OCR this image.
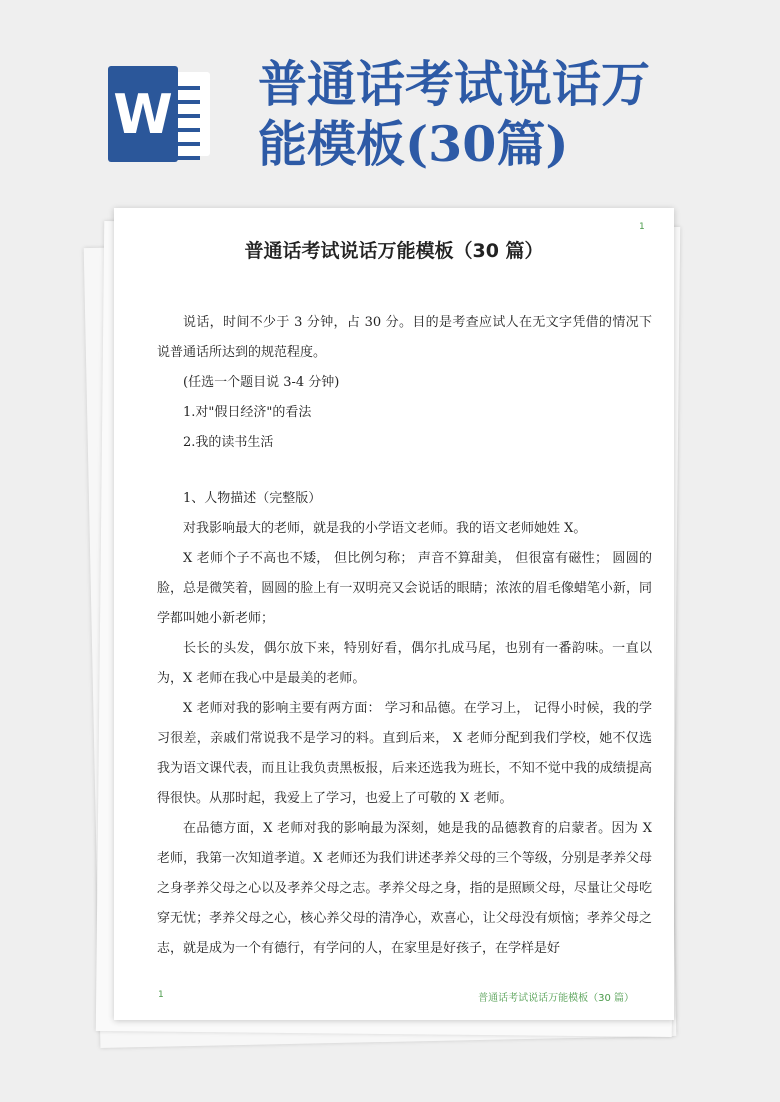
W 普通话考试说话万能模板(30篇)
1
普通话考试说话万能模板（30 篇）

说话，时间不少于 3 分钟，占 30 分。目的是考查应试人在无文字凭借的情况下说普通话所达到的规范程度。

(任选一个题目说 3-4 分钟)

1.对"假日经济"的看法

2.我的读书生活

1、人物描述（完整版）

对我影响最大的老师，就是我的小学语文老师。我的语文老师她姓 X。

X 老师个子不高也不矮， 但比例匀称； 声音不算甜美， 但很富有磁性； 圆圆的脸，总是微笑着，圆圆的脸上有一双明亮又会说话的眼睛；浓浓的眉毛像蜡笔小新，同学都叫她小新老师；

长长的头发，偶尔放下来，特别好看，偶尔扎成马尾，也别有一番韵味。一直以为，X 老师在我心中是最美的老师。

X 老师对我的影响主要有两方面： 学习和品德。在学习上， 记得小时候，我的学习很差，亲戚们常说我不是学习的料。直到后来， X 老师分配到我们学校，她不仅选我为语文课代表，而且让我负责黑板报，后来还选我为班长，不知不觉中我的成绩提高得很快。从那时起，我爱上了学习，也爱上了可敬的 X 老师。

在品德方面，X 老师对我的影响最为深刻，她是我的品德教育的启蒙者。因为 X 老师，我第一次知道孝道。X 老师还为我们讲述孝养父母的三个等级，分别是孝养父母之身孝养父母之心以及孝养父母之志。孝养父母之身，指的是照顾父母，尽量让父母吃穿无忧；孝养父母之心，核心养父母的清净心，欢喜心，让父母没有烦恼；孝养父母之志，就是成为一个有德行，有学问的人，在家里是好孩子，在学样是好

1	普通话考试说话万能模板（30 篇）
